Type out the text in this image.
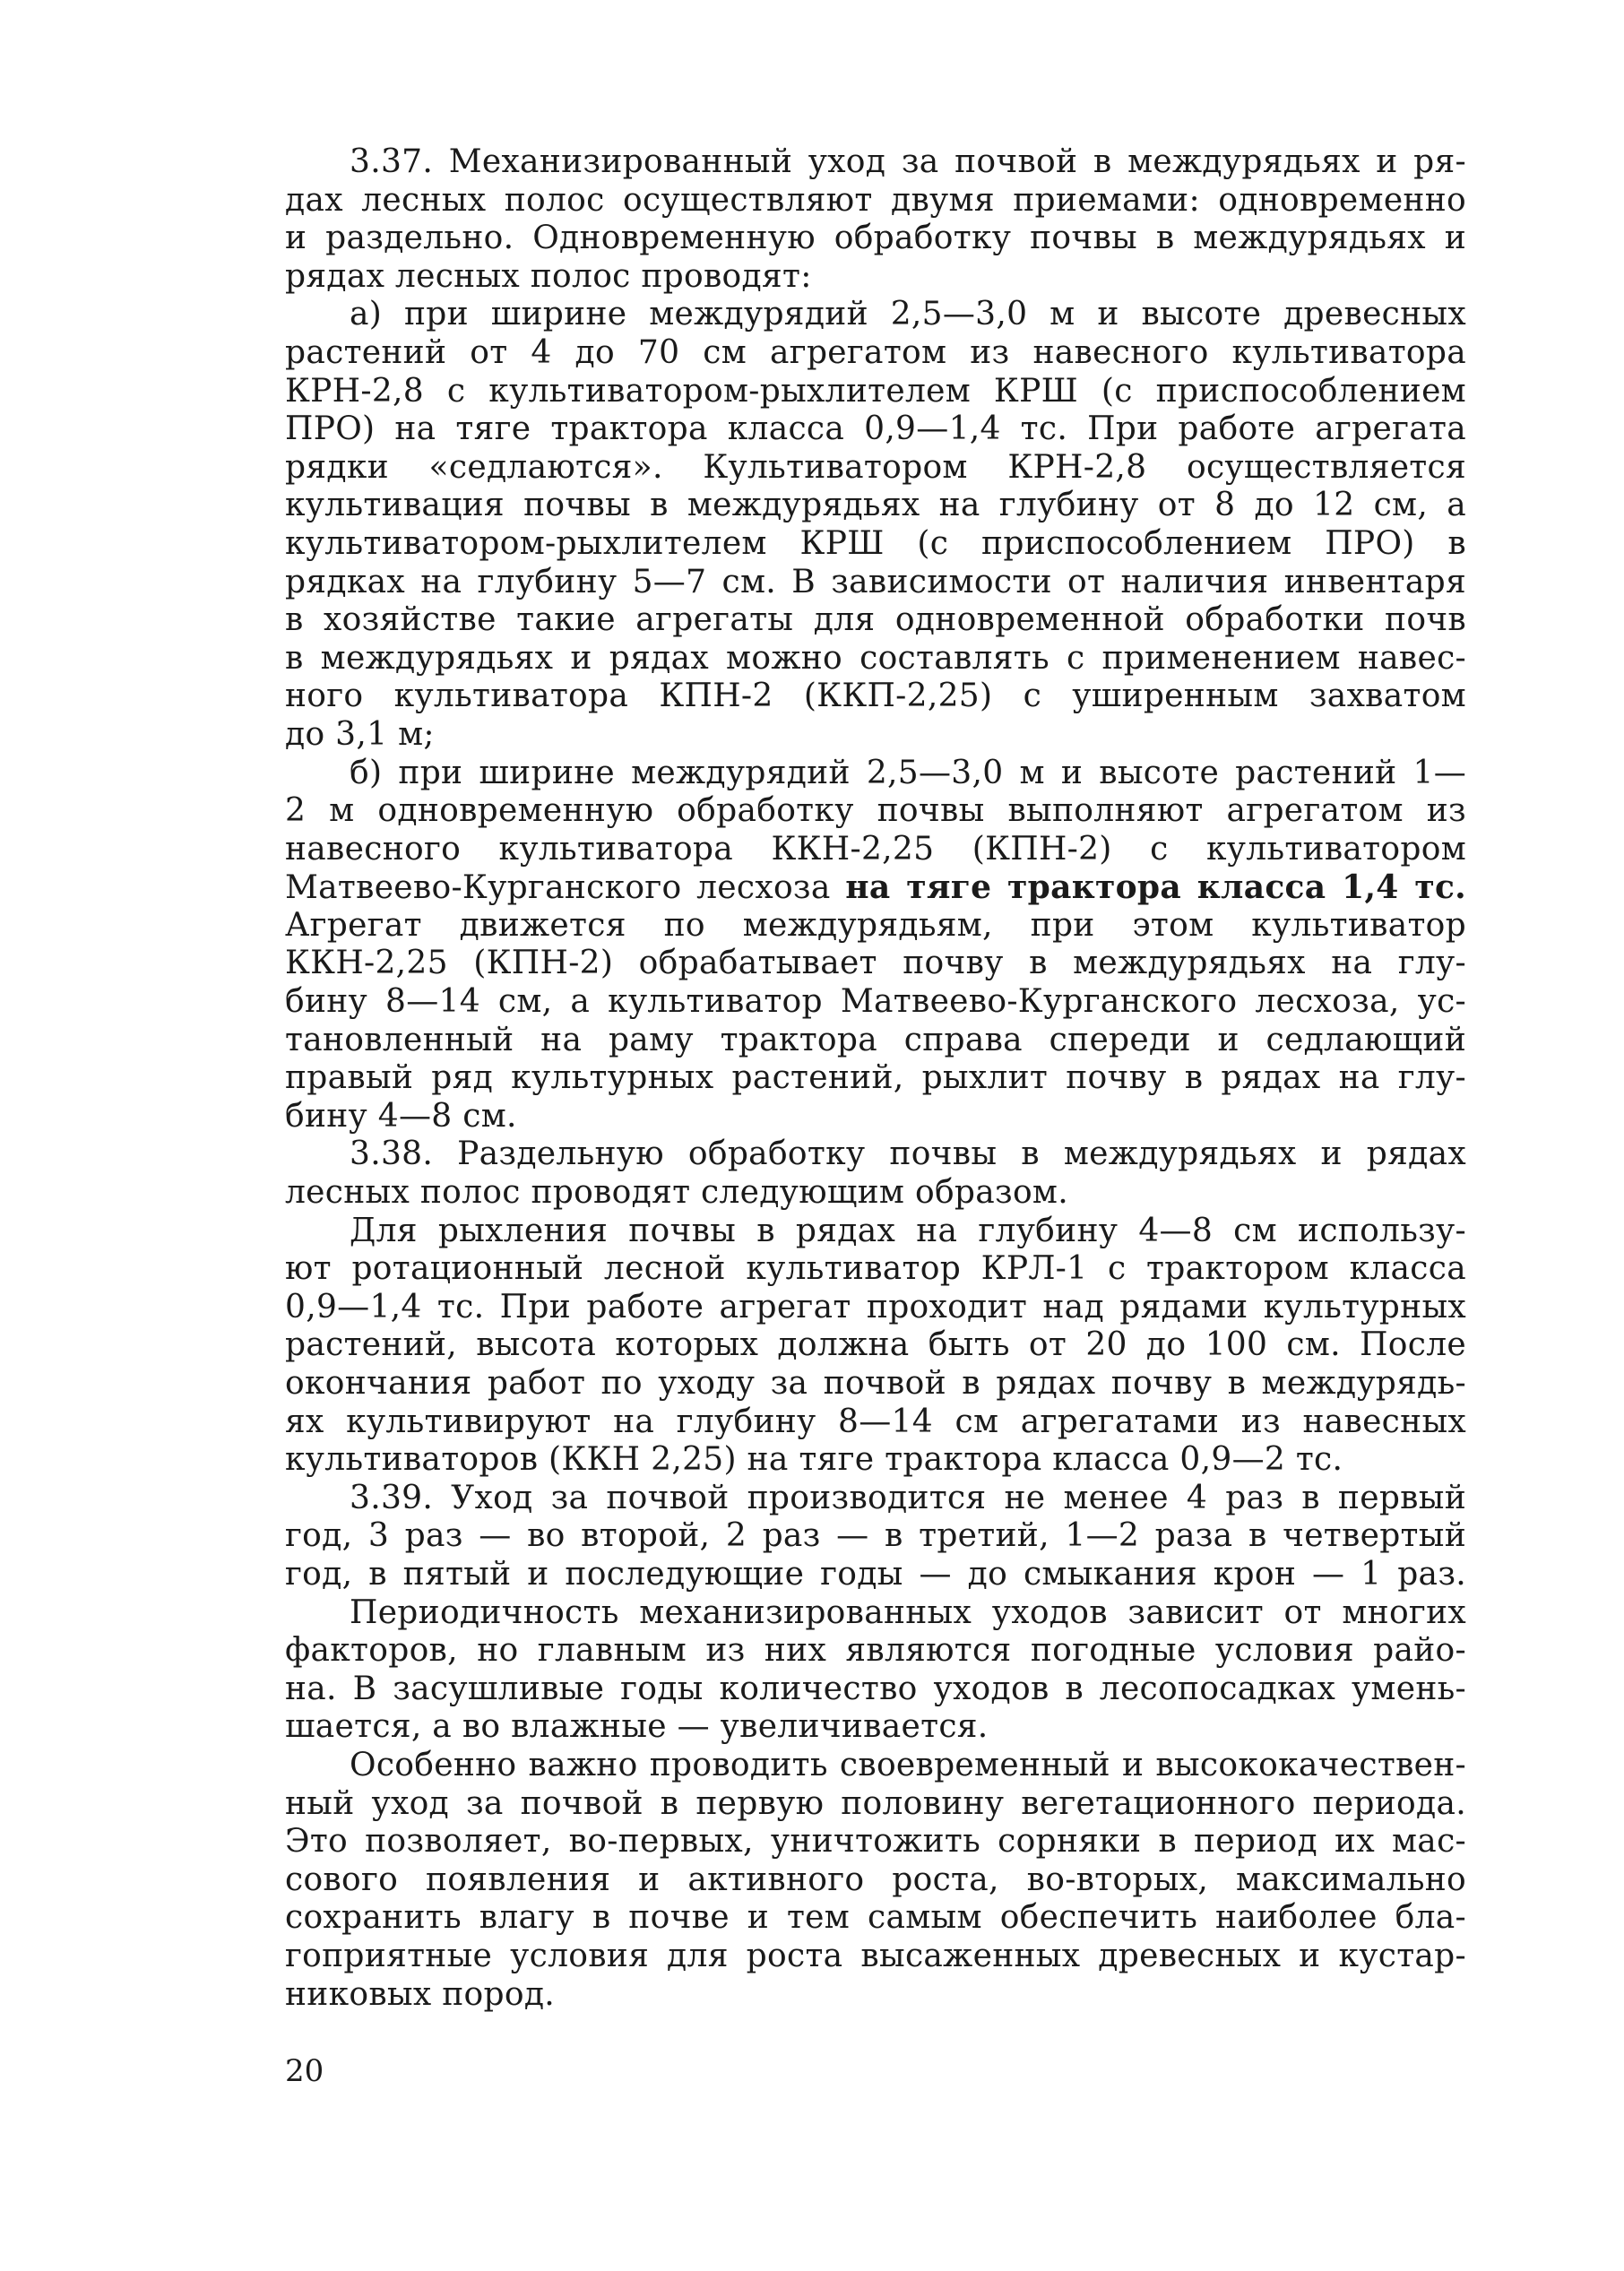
3.37. Механизированный уход за почвой в междурядьях и ря-
дах лесных полос осуществляют двумя приемами: одновременно
и раздельно. Одновременную обработку почвы в междурядьях и
рядах лесных полос проводят:
а) при ширине междурядий 2,5—3,0 м и высоте древесных
растений от 4 до 70 см агрегатом из навесного культиватора
КРН-2,8 с культиватором-рыхлителем КРШ (с приспособлением
ПРО) на тяге трактора класса 0,9—1,4 тс. При работе агрегата
рядки «седлаются». Культиватором КРН-2,8 осуществляется
культивация почвы в междурядьях на глубину от 8 до 12 см, а
культиватором-рыхлителем КРШ (с приспособлением ПРО) в
рядках на глубину 5—7 см. В зависимости от наличия инвентаря
в хозяйстве такие агрегаты для одновременной обработки почв
в междурядьях и рядах можно составлять с применением навес-
ного культиватора КПН-2 (ККП-2,25) с уширенным захватом
до 3,1 м;
б) при ширине междурядий 2,5—3,0 м и высоте растений 1—
2 м одновременную обработку почвы выполняют агрегатом из
навесного культиватора ККН-2,25 (КПН-2) с культиватором
Матвеево-Курганского лесхоза на тяге трактора класса 1,4 тс.
Агрегат движется по междурядьям, при этом культиватор
ККН-2,25 (КПН-2) обрабатывает почву в междурядьях на глу-
бину 8—14 см, а культиватор Матвеево-Курганского лесхоза, ус-
тановленный на раму трактора справа спереди и седлающий
правый ряд культурных растений, рыхлит почву в рядах на глу-
бину 4—8 см.
3.38. Раздельную обработку почвы в междурядьях и рядах
лесных полос проводят следующим образом.
Для рыхления почвы в рядах на глубину 4—8 см использу-
ют ротационный лесной культиватор КРЛ-1 с трактором класса
0,9—1,4 тс. При работе агрегат проходит над рядами культурных
растений, высота которых должна быть от 20 до 100 см. После
окончания работ по уходу за почвой в рядах почву в междурядь-
ях культивируют на глубину 8—14 см агрегатами из навесных
культиваторов (ККН 2,25) на тяге трактора класса 0,9—2 тс.
3.39. Уход за почвой производится не менее 4 раз в первый
год, 3 раз — во второй, 2 раз — в третий, 1—2 раза в четвертый
год, в пятый и последующие годы — до смыкания крон — 1 раз.
Периодичность механизированных уходов зависит от многих
факторов, но главным из них являются погодные условия райо-
на. В засушливые годы количество уходов в лесопосадках умень-
шается, а во влажные — увеличивается.
Особенно важно проводить своевременный и высококачествен-
ный уход за почвой в первую половину вегетационного периода.
Это позволяет, во-первых, уничтожить сорняки в период их мас-
сового появления и активного роста, во-вторых, максимально
сохранить влагу в почве и тем самым обеспечить наиболее бла-
гоприятные условия для роста высаженных древесных и кустар-
никовых пород.
20
